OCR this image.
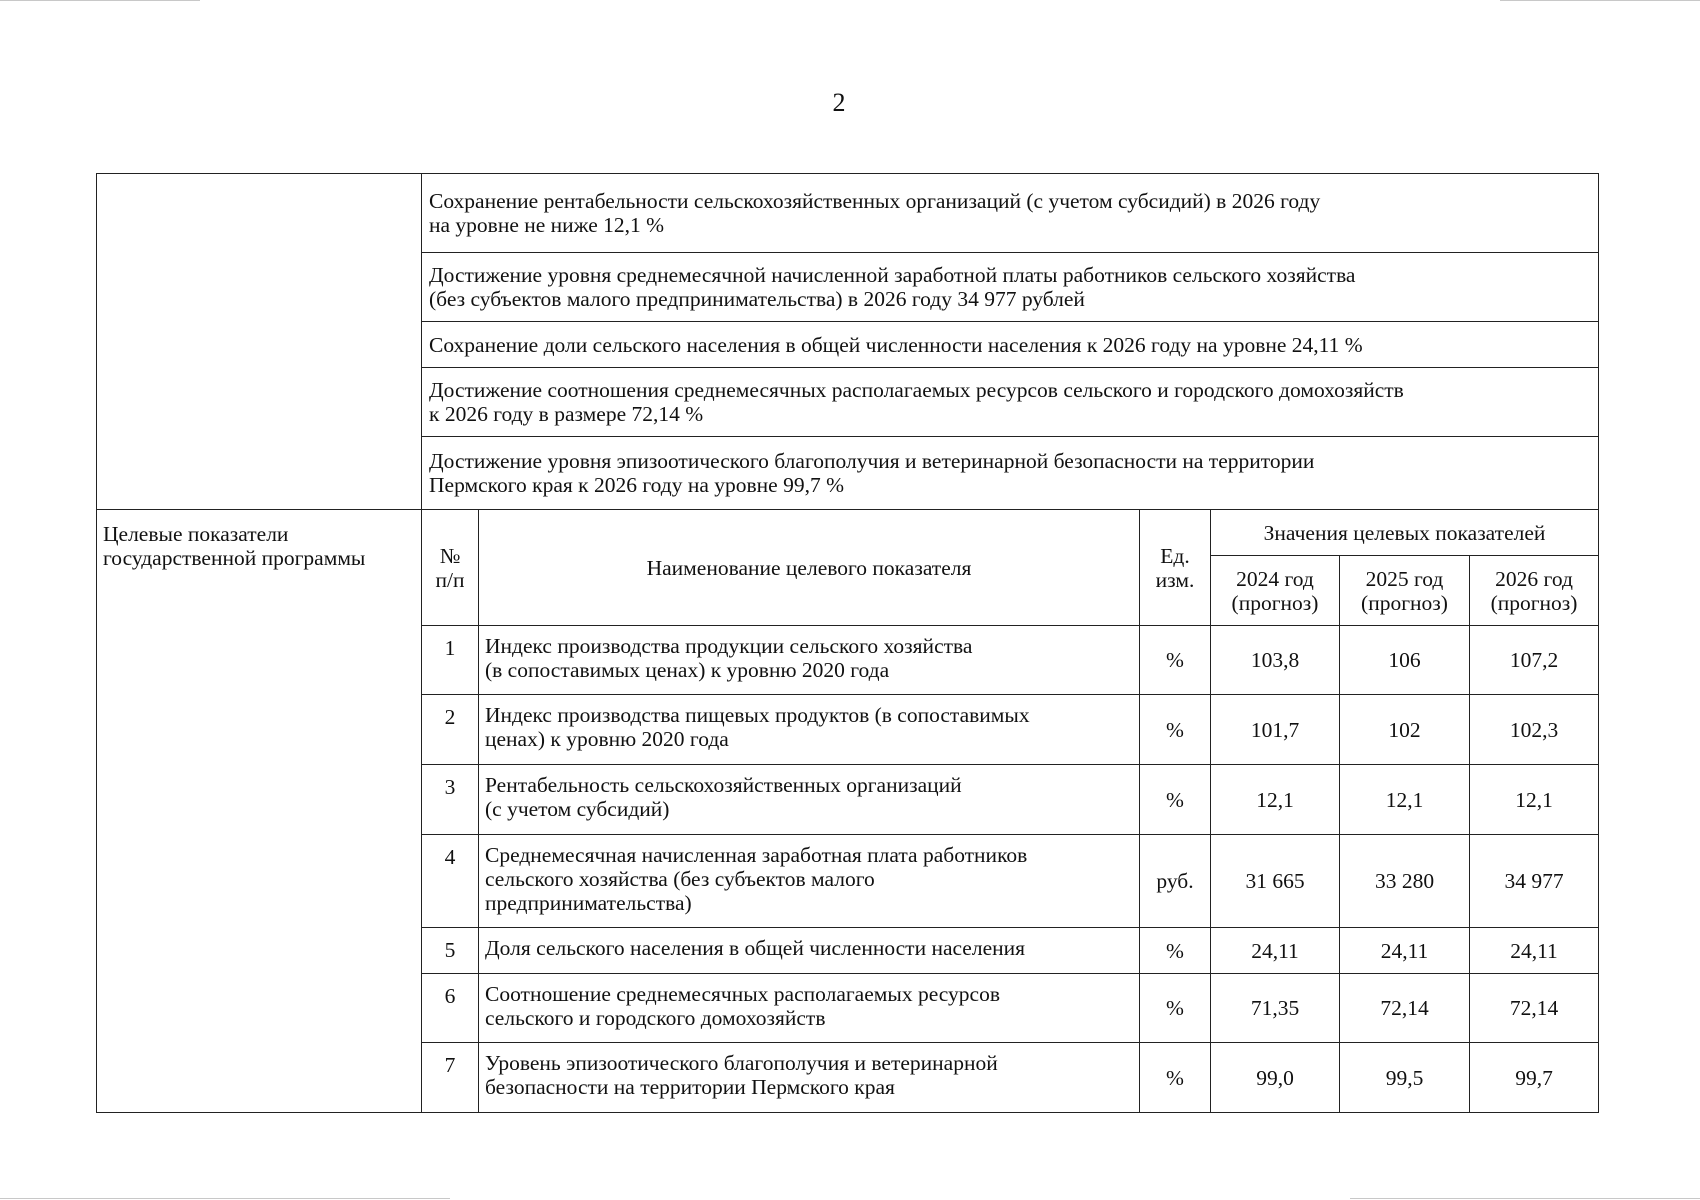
2

	Сохранение рентабельности сельскохозяйственных организаций (с учетом субсидий) в 2026 году
на уровне не ниже 12,1 %					

	Достижение уровня среднемесячной начисленной заработной платы работников сельского хозяйства
(без субъектов малого предпринимательства) в 2026 году 34 977 рублей					

	Сохранение доли сельского населения в общей численности населения к 2026 году на уровне 24,11 %					

	Достижение соотношения среднемесячных располагаемых ресурсов сельского и городского домохозяйств
к 2026 году в размере 72,14 %					

	Достижение уровня эпизоотического благополучия и ветеринарной безопасности на территории
Пермского края к 2026 году на уровне 99,7 %					

Целевые показатели государственной программы	№
п/п	Наименование целевого показателя	Ед.
изм.	Значения целевых показателей		
				2024 год
(прогноз)	2025 год
(прогноз)	2026 год
(прогноз)
	1	Индекс производства продукции сельского хозяйства
(в сопоставимых ценах) к уровню 2020 года	%	103,8	106	107,2
	2	Индекс производства пищевых продуктов (в сопоставимых
ценах) к уровню 2020 года	%	101,7	102	102,3
	3	Рентабельность сельскохозяйственных организаций
(с учетом субсидий)	%	12,1	12,1	12,1
	4	Среднемесячная начисленная заработная плата работников
сельского хозяйства (без субъектов малого
предпринимательства)	руб.	31 665	33 280	34 977
	5	Доля сельского населения в общей численности населения	%	24,11	24,11	24,11
	6	Соотношение среднемесячных располагаемых ресурсов
сельского и городского домохозяйств	%	71,35	72,14	72,14
	7	Уровень эпизоотического благополучия и ветеринарной
безопасности на территории Пермского края	%	99,0	99,5	99,7
